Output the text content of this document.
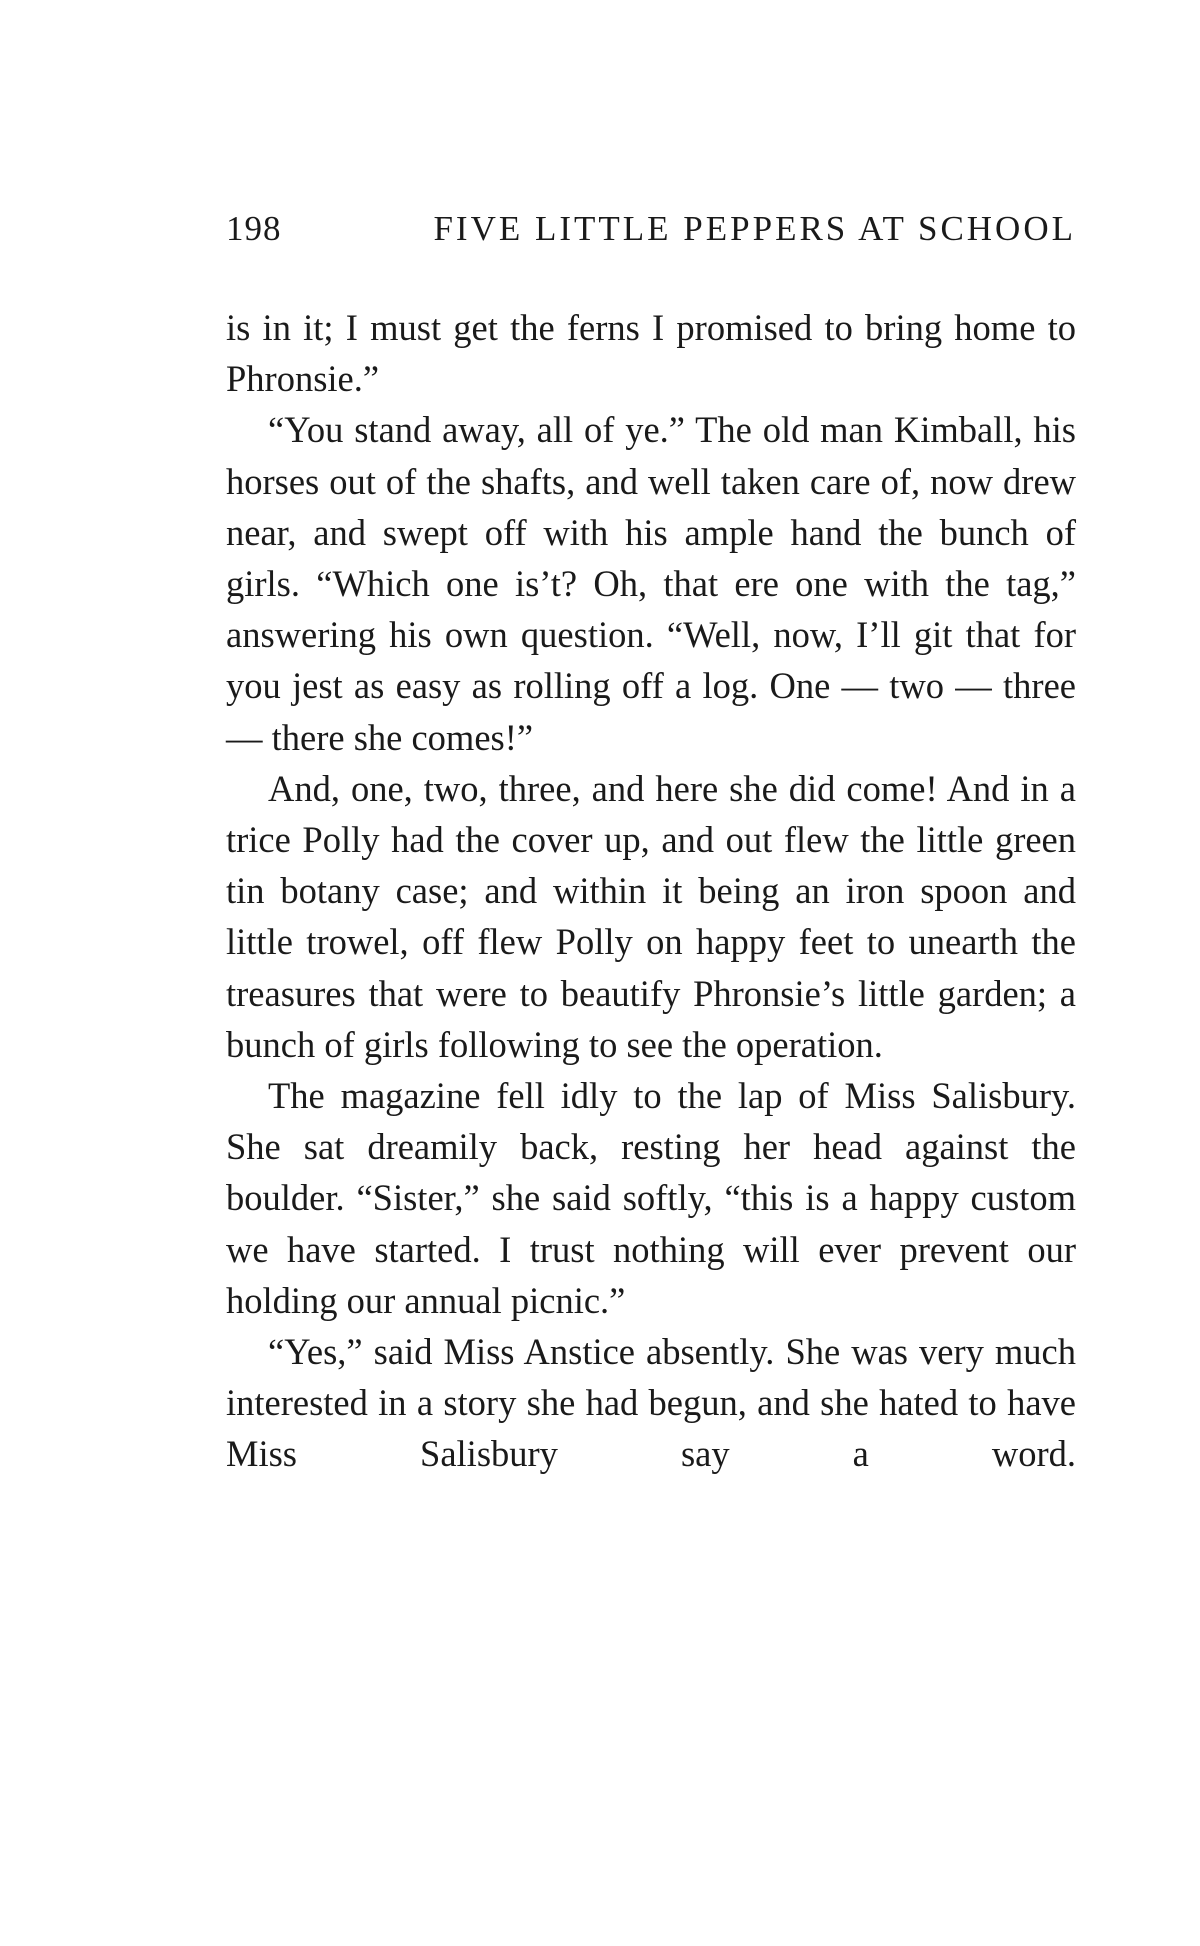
198	FIVE LITTLE PEPPERS AT SCHOOL

is in it; I must get the ferns I promised to bring home to Phronsie.”

“You stand away, all of ye.” The old man Kimball, his horses out of the shafts, and well taken care of, now drew near, and swept off with his ample hand the bunch of girls. “Which one is’t? Oh, that ere one with the tag,” answering his own question. “Well, now, I’ll git that for you jest as easy as rolling off a log. One — two — three — there she comes!”

And, one, two, three, and here she did come! And in a trice Polly had the cover up, and out flew the little green tin botany case; and within it being an iron spoon and little trowel, off flew Polly on happy feet to unearth the treasures that were to beautify Phronsie’s little garden; a bunch of girls following to see the operation.

The magazine fell idly to the lap of Miss Salisbury. She sat dreamily back, resting her head against the boulder. “Sister,” she said softly, “this is a happy custom we have started. I trust nothing will ever prevent our holding our annual picnic.”

“Yes,” said Miss Anstice absently. She was very much interested in a story she had begun, and she hated to have Miss Salisbury say a word.
